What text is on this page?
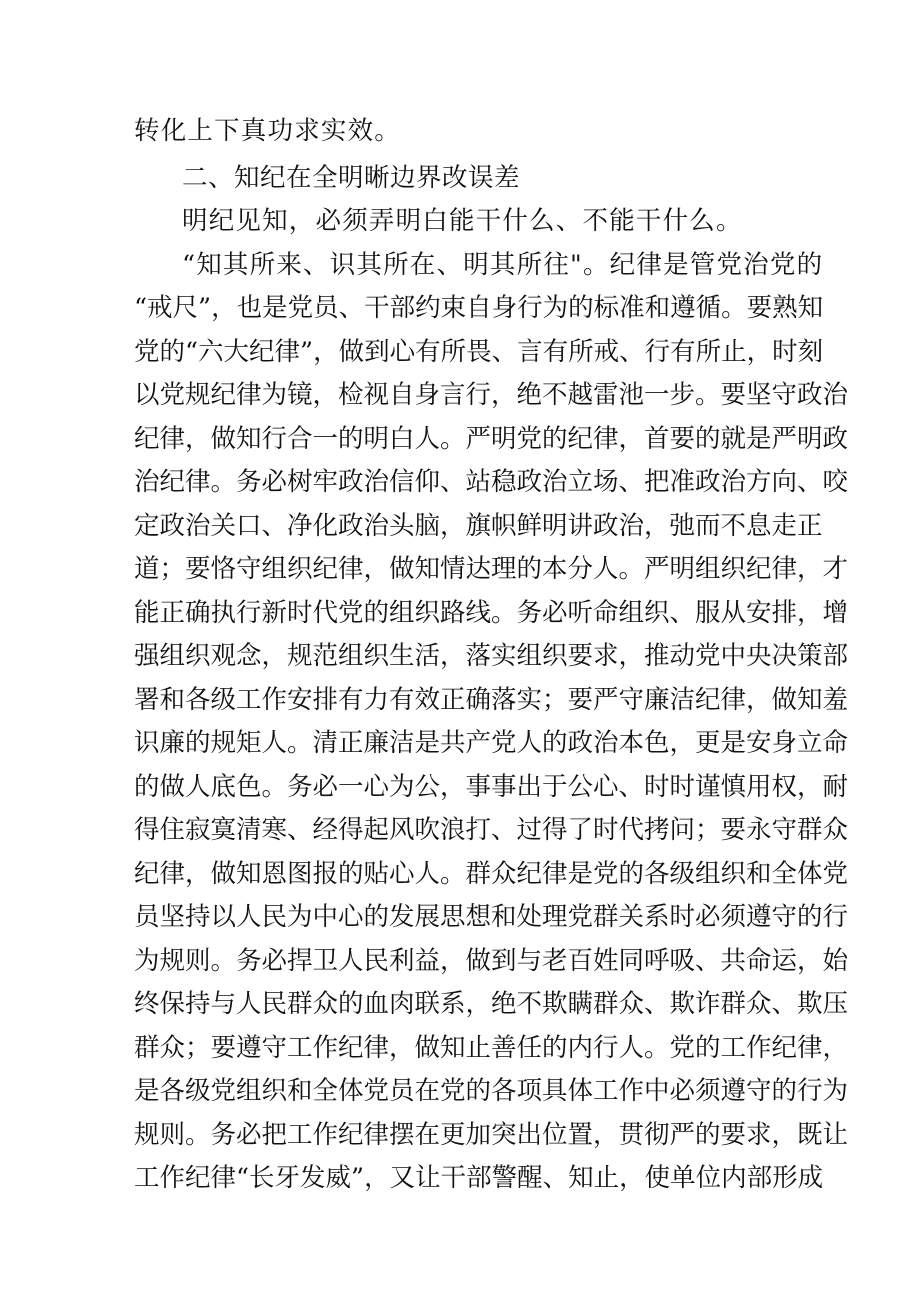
转化上下真功求实效。
二、知纪在全明晰边界改误差
明纪见知，必须弄明白能干什么、不能干什么。
“知其所来、识其所在、明其所往"。纪律是管党治党的
“戒尺”，也是党员、干部约束自身行为的标准和遵循。要熟知
党的“六大纪律”，做到心有所畏、言有所戒、行有所止，时刻
以党规纪律为镜，检视自身言行，绝不越雷池一步。要坚守政治
纪律，做知行合一的明白人。严明党的纪律，首要的就是严明政
治纪律。务必树牢政治信仰、站稳政治立场、把准政治方向、咬
定政治关口、净化政治头脑，旗帜鲜明讲政治，弛而不息走正
道；要恪守组织纪律，做知情达理的本分人。严明组织纪律，才
能正确执行新时代党的组织路线。务必听命组织、服从安排，增
强组织观念，规范组织生活，落实组织要求，推动党中央决策部
署和各级工作安排有力有效正确落实；要严守廉洁纪律，做知羞
识廉的规矩人。清正廉洁是共产党人的政治本色，更是安身立命
的做人底色。务必一心为公，事事出于公心、时时谨慎用权，耐
得住寂寞清寒、经得起风吹浪打、过得了时代拷问；要永守群众
纪律，做知恩图报的贴心人。群众纪律是党的各级组织和全体党
员坚持以人民为中心的发展思想和处理党群关系时必须遵守的行
为规则。务必捍卫人民利益，做到与老百姓同呼吸、共命运，始
终保持与人民群众的血肉联系，绝不欺瞒群众、欺诈群众、欺压
群众；要遵守工作纪律，做知止善任的内行人。党的工作纪律，
是各级党组织和全体党员在党的各项具体工作中必须遵守的行为
规则。务必把工作纪律摆在更加突出位置，贯彻严的要求，既让
工作纪律“长牙发威”，又让干部警醒、知止，使单位内部形成
